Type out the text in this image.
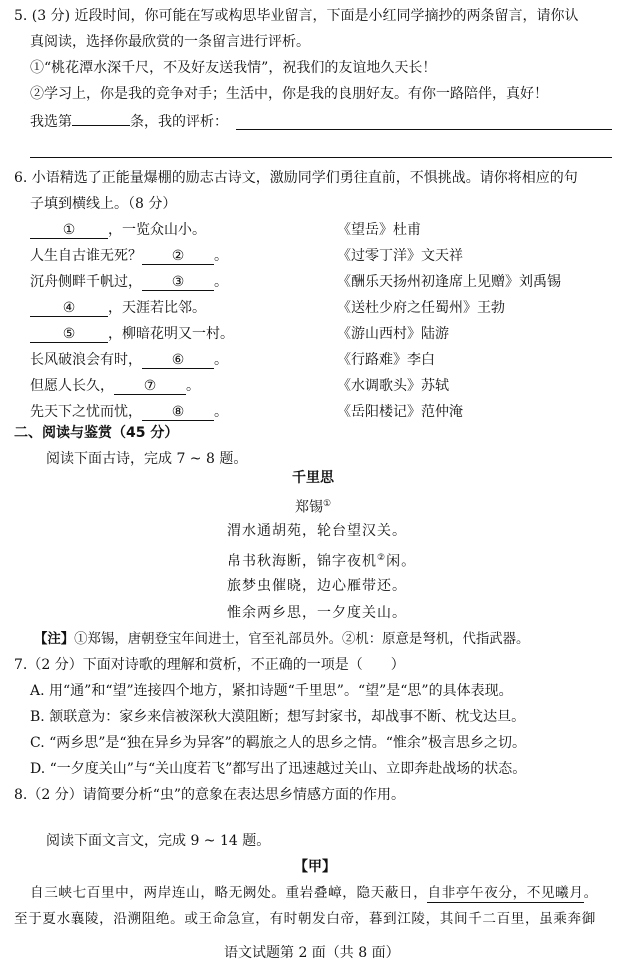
5. (3 分) 近段时间，你可能在写或构思毕业留言，下面是小红同学摘抄的两条留言，请你认
真阅读，选择你最欣赏的一条留言进行评析。
①“桃花潭水深千尺，不及好友送我情”，祝我们的友谊地久天长！
②学习上，你是我的竞争对手；生活中，你是我的良朋好友。有你一路陪伴，真好！
我选第	条，我的评析：
6. 小语精选了正能量爆棚的励志古诗文，激励同学们勇往直前，不惧挑战。请你将相应的句
子填到横线上。（8 分）
① ，一览众山小。	《望岳》杜甫
人生自古谁无死？ ② 。	《过零丁洋》文天祥
沉舟侧畔千帆过， ③ 。	《酬乐天扬州初逢席上见赠》刘禹锡
④ ，天涯若比邻。	《送杜少府之任蜀州》王勃
⑤ ，柳暗花明又一村。	《游山西村》陆游
长风破浪会有时， ⑥ 。	《行路难》李白
但愿人长久， ⑦ 。	《水调歌头》苏轼
先天下之忧而忧， ⑧ 。	《岳阳楼记》范仲淹
二、阅读与鉴赏（45 分）
阅读下面古诗，完成 7 ~ 8 题。
千里思
郑锡①
渭水通胡苑，轮台望汉关。
帛书秋海断，锦字夜机②闲。
旅梦虫催晓，边心雁带还。
惟余两乡思，一夕度关山。
【注】①郑锡，唐朝登宝年间进士，官至礼部员外。②机：原意是弩机，代指武器。
7.（2 分）下面对诗歌的理解和赏析，不正确的一项是（　　）
A. 用“通”和“望”连接四个地方，紧扣诗题“千里思”。“望”是“思”的具体表现。
B. 颔联意为：家乡来信被深秋大漠阻断；想写封家书，却战事不断、枕戈达旦。
C. “两乡思”是“独在异乡为异客”的羁旅之人的思乡之情。“惟余”极言思乡之切。
D. “一夕度关山”与“关山度若飞”都写出了迅速越过关山、立即奔赴战场的状态。
8.（2 分）请简要分析“虫”的意象在表达思乡情感方面的作用。
阅读下面文言文，完成 9 ~ 14 题。
【甲】
自三峡七百里中，两岸连山，略无阙处。重岩叠嶂，隐天蔽日，自非亭午夜分，不见曦月。
至于夏水襄陵，沿溯阻绝。或王命急宣，有时朝发白帝，暮到江陵，其间千二百里，虽乘奔御
语文试题第 2 面（共 8 面）
